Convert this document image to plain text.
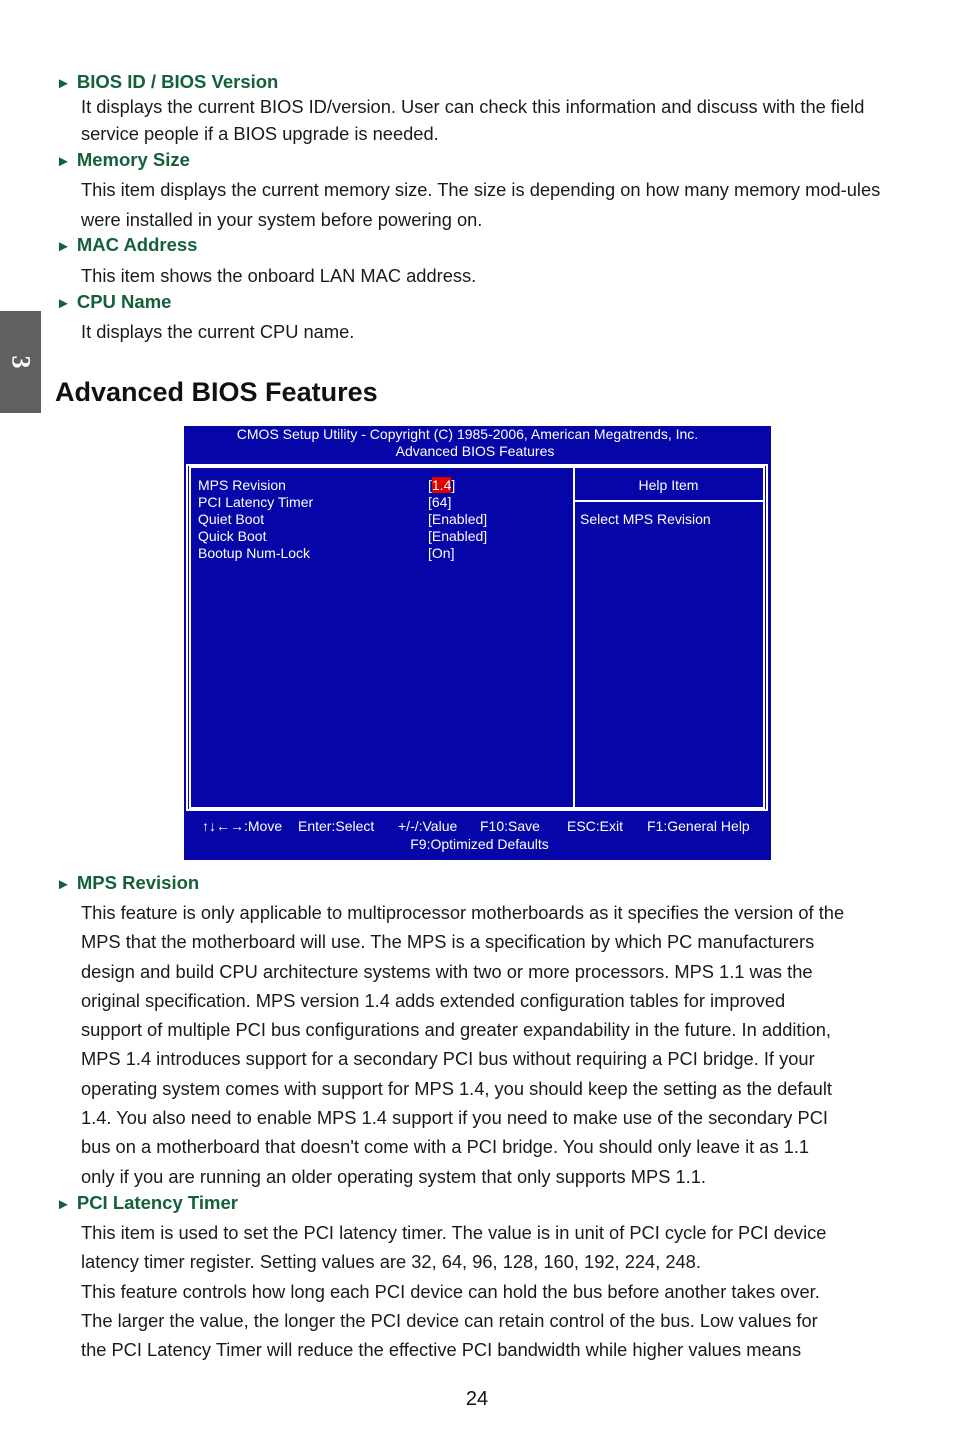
3
► BIOS ID / BIOS Version
It displays the current BIOS ID/version. User can check this information and discuss with the field service people if a BIOS upgrade is needed.
► Memory Size
This item displays the current memory size. The size is depending on how many memory mod-ules were installed in your system before powering on.
► MAC Address
This item shows the onboard LAN MAC address.
► CPU Name
It displays the current CPU name.
Advanced BIOS Features
CMOS Setup Utility - Copyright (C) 1985-2006, American Megatrends, Inc.
Advanced BIOS Features
Help Item
Select MPS Revision
MPS Revision	[1.4]
PCI Latency Timer	[64]
Quiet Boot	[Enabled]
Quick Boot	[Enabled]
Bootup Num-Lock	[On]
↑↓←→:Move Enter:Select +/-/:Value F10:Save ESC:Exit F1:General Help
F9:Optimized Defaults
► MPS Revision
This feature is only applicable to multiprocessor motherboards as it specifies the version of the
MPS that the motherboard will use. The MPS is a specification by which PC manufacturers
design and build CPU architecture systems with two or more processors. MPS 1.1 was the
original specification. MPS version 1.4 adds extended configuration tables for improved
support of multiple PCI bus configurations and greater expandability in the future. In addition,
MPS 1.4 introduces support for a secondary PCI bus without requiring a PCI bridge. If your
operating system comes with support for MPS 1.4, you should keep the setting as the default
1.4. You also need to enable MPS 1.4 support if you need to make use of the secondary PCI
bus on a motherboard that doesn't come with a PCI bridge. You should only leave it as 1.1
only if you are running an older operating system that only supports MPS 1.1.
► PCI Latency Timer
This item is used to set the PCI latency timer. The value is in unit of PCI cycle for PCI device
latency timer register. Setting values are 32, 64, 96, 128, 160, 192, 224, 248.
This feature controls how long each PCI device can hold the bus before another takes over.
The larger the value, the longer the PCI device can retain control of the bus. Low values for
the PCI Latency Timer will reduce the effective PCI bandwidth while higher values means
24
